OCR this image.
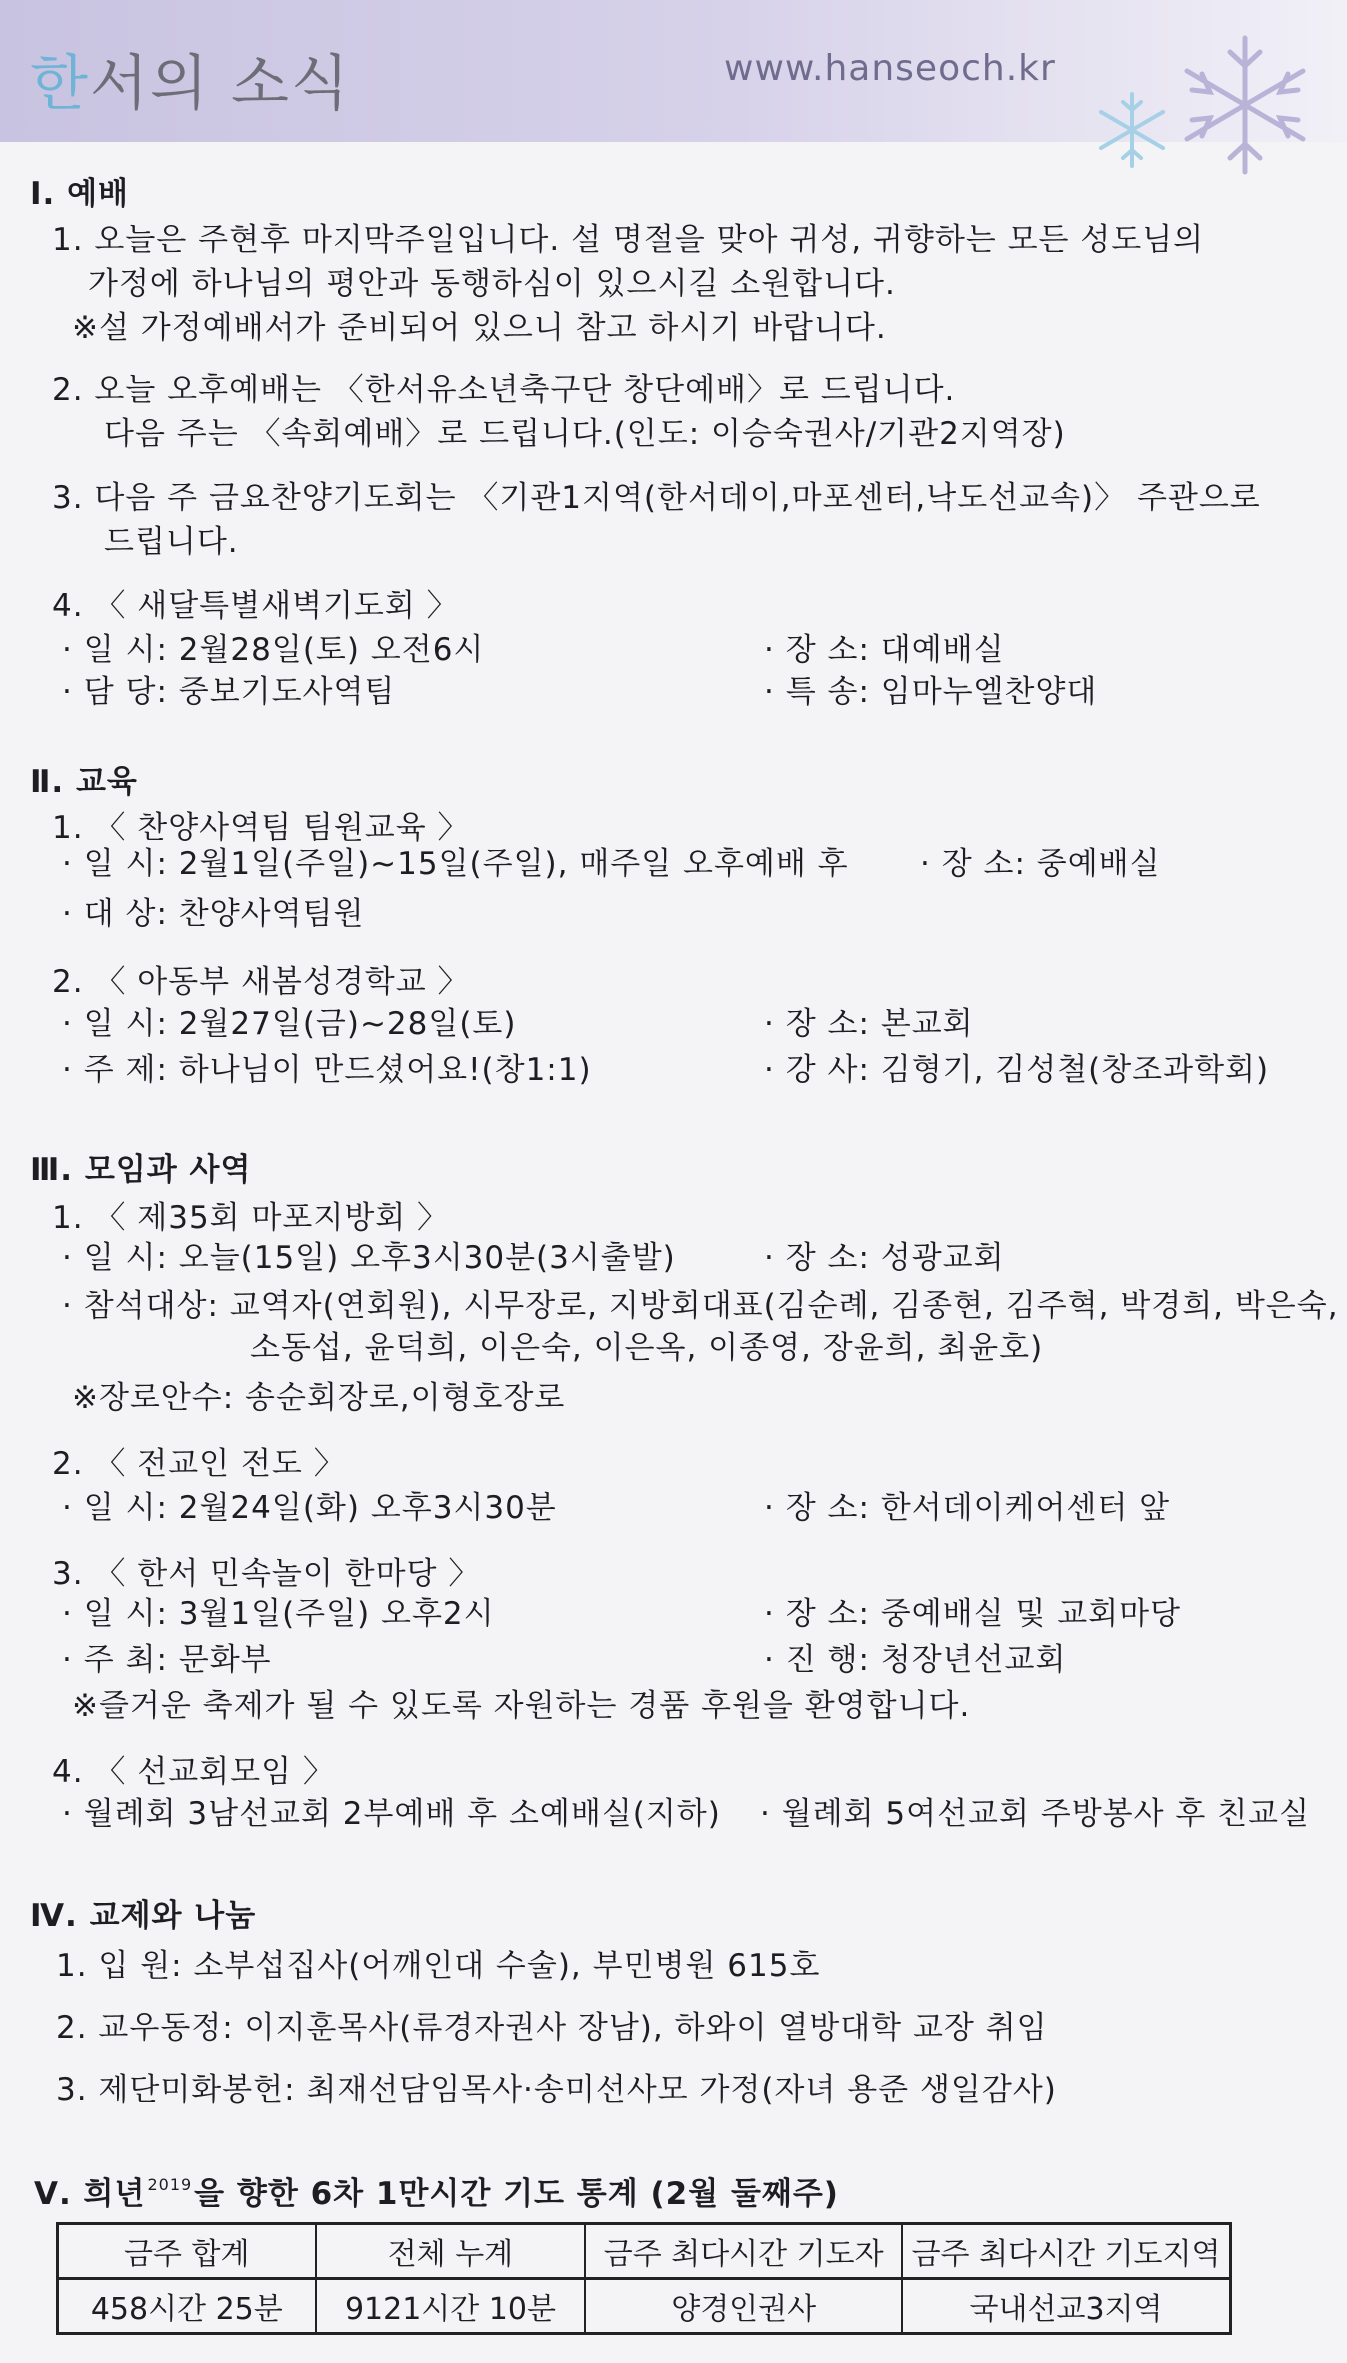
한서의 소식	www.hanseoch.kr
Ⅰ. 예배
1. 오늘은 주현후 마지막주일입니다. 설 명절을 맞아 귀성, 귀향하는 모든 성도님의
가정에 하나님의 평안과 동행하심이 있으시길 소원합니다.
※설 가정예배서가 준비되어 있으니 참고 하시기 바랍니다.
2. 오늘 오후예배는 〈한서유소년축구단 창단예배〉로 드립니다.
다음 주는 〈속회예배〉로 드립니다.(인도: 이승숙권사/기관2지역장)
3. 다음 주 금요찬양기도회는 〈기관1지역(한서데이,마포센터,낙도선교속)〉 주관으로
드립니다.
4. 〈 새달특별새벽기도회 〉
· 일 시: 2월28일(토) 오전6시	· 장 소: 대예배실
· 담 당: 중보기도사역팀	· 특 송: 임마누엘찬양대
Ⅱ. 교육
1. 〈 찬양사역팀 팀원교육 〉
· 일 시: 2월1일(주일)~15일(주일), 매주일 오후예배 후 · 장 소: 중예배실
· 대 상: 찬양사역팀원
2. 〈 아동부 새봄성경학교 〉
· 일 시: 2월27일(금)~28일(토)	· 장 소: 본교회
· 주 제: 하나님이 만드셨어요!(창1:1)	· 강 사: 김형기, 김성철(창조과학회)
Ⅲ. 모임과 사역
1. 〈 제35회 마포지방회 〉
· 일 시: 오늘(15일) 오후3시30분(3시출발)	· 장 소: 성광교회
· 참석대상: 교역자(연회원), 시무장로, 지방회대표(김순례, 김종현, 김주혁, 박경희, 박은숙,
소동섭, 윤덕희, 이은숙, 이은옥, 이종영, 장윤희, 최윤호)
※장로안수: 송순회장로,이형호장로
2. 〈 전교인 전도 〉
· 일 시: 2월24일(화) 오후3시30분	· 장 소: 한서데이케어센터 앞
3. 〈 한서 민속놀이 한마당 〉
· 일 시: 3월1일(주일) 오후2시	· 장 소: 중예배실 및 교회마당
· 주 최: 문화부	· 진 행: 청장년선교회
※즐거운 축제가 될 수 있도록 자원하는 경품 후원을 환영합니다.
4. 〈 선교회모임 〉
· 월례회 3남선교회 2부예배 후 소예배실(지하) · 월례회 5여선교회 주방봉사 후 친교실
Ⅳ. 교제와 나눔
1. 입 원: 소부섭집사(어깨인대 수술), 부민병원 615호
2. 교우동정: 이지훈목사(류경자권사 장남), 하와이 열방대학 교장 취임
3. 제단미화봉헌: 최재선담임목사·송미선사모 가정(자녀 용준 생일감사)
Ⅴ. 희년 $^{2019}$을 향한 6차 1만시간 기도 통계 (2월 둘째주)
금주 합계	전체 누계	금주 최다시간 기도자	금주 최다시간 기도지역
458시간 25분	9121시간 10분	양경인권사	국내선교3지역
